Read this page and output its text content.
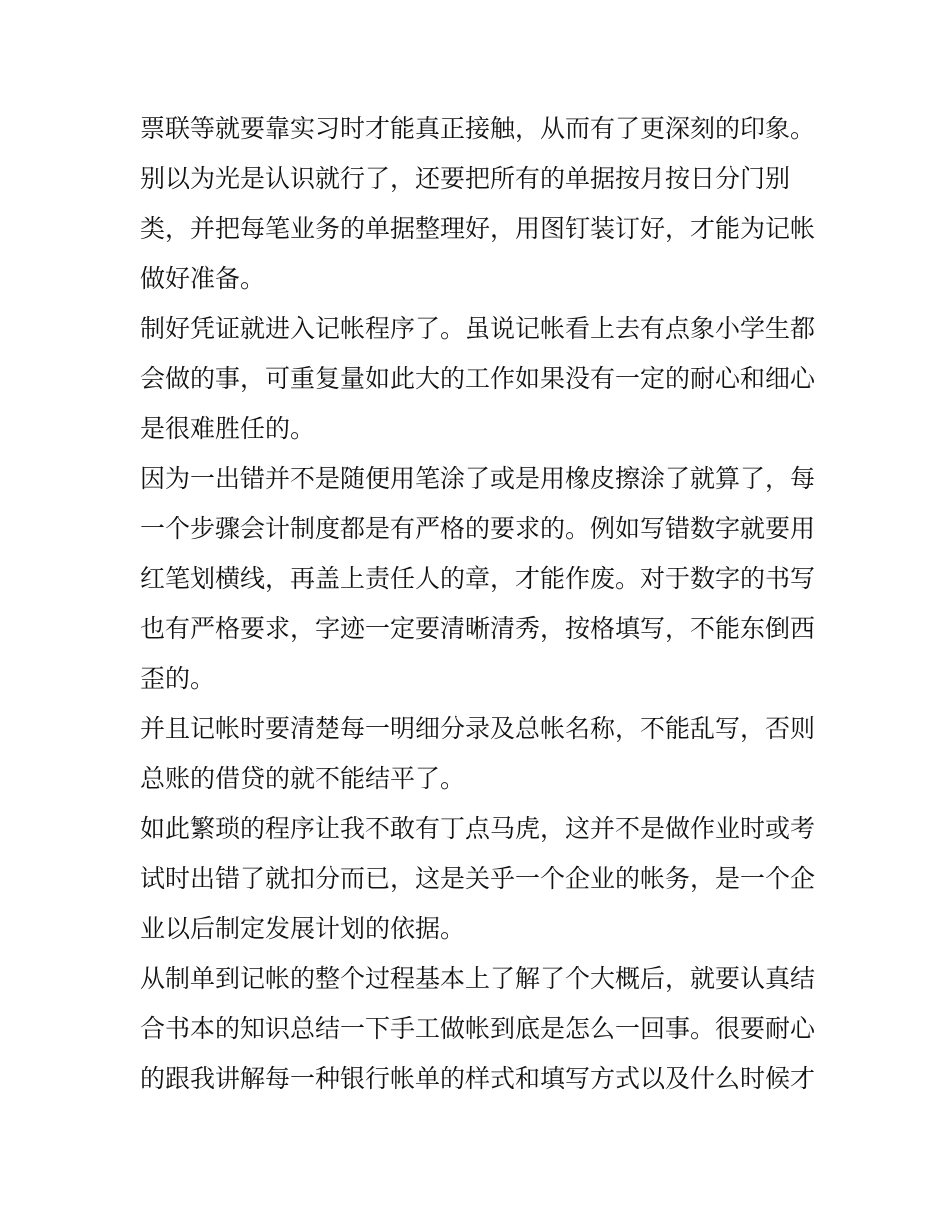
票联等就要靠实习时才能真正接触，从而有了更深刻的印象。
别以为光是认识就行了，还要把所有的单据按月按日分门别
类，并把每笔业务的单据整理好，用图钉装订好，才能为记帐
做好准备。
制好凭证就进入记帐程序了。虽说记帐看上去有点象小学生都
会做的事，可重复量如此大的工作如果没有一定的耐心和细心
是很难胜任的。
因为一出错并不是随便用笔涂了或是用橡皮擦涂了就算了，每
一个步骤会计制度都是有严格的要求的。例如写错数字就要用
红笔划横线，再盖上责任人的章，才能作废。对于数字的书写
也有严格要求，字迹一定要清晰清秀，按格填写，不能东倒西
歪的。
并且记帐时要清楚每一明细分录及总帐名称，不能乱写，否则
总账的借贷的就不能结平了。
如此繁琐的程序让我不敢有丁点马虎，这并不是做作业时或考
试时出错了就扣分而已，这是关乎一个企业的帐务，是一个企
业以后制定发展计划的依据。
从制单到记帐的整个过程基本上了解了个大概后，就要认真结
合书本的知识总结一下手工做帐到底是怎么一回事。很要耐心
的跟我讲解每一种银行帐单的样式和填写方式以及什么时候才
